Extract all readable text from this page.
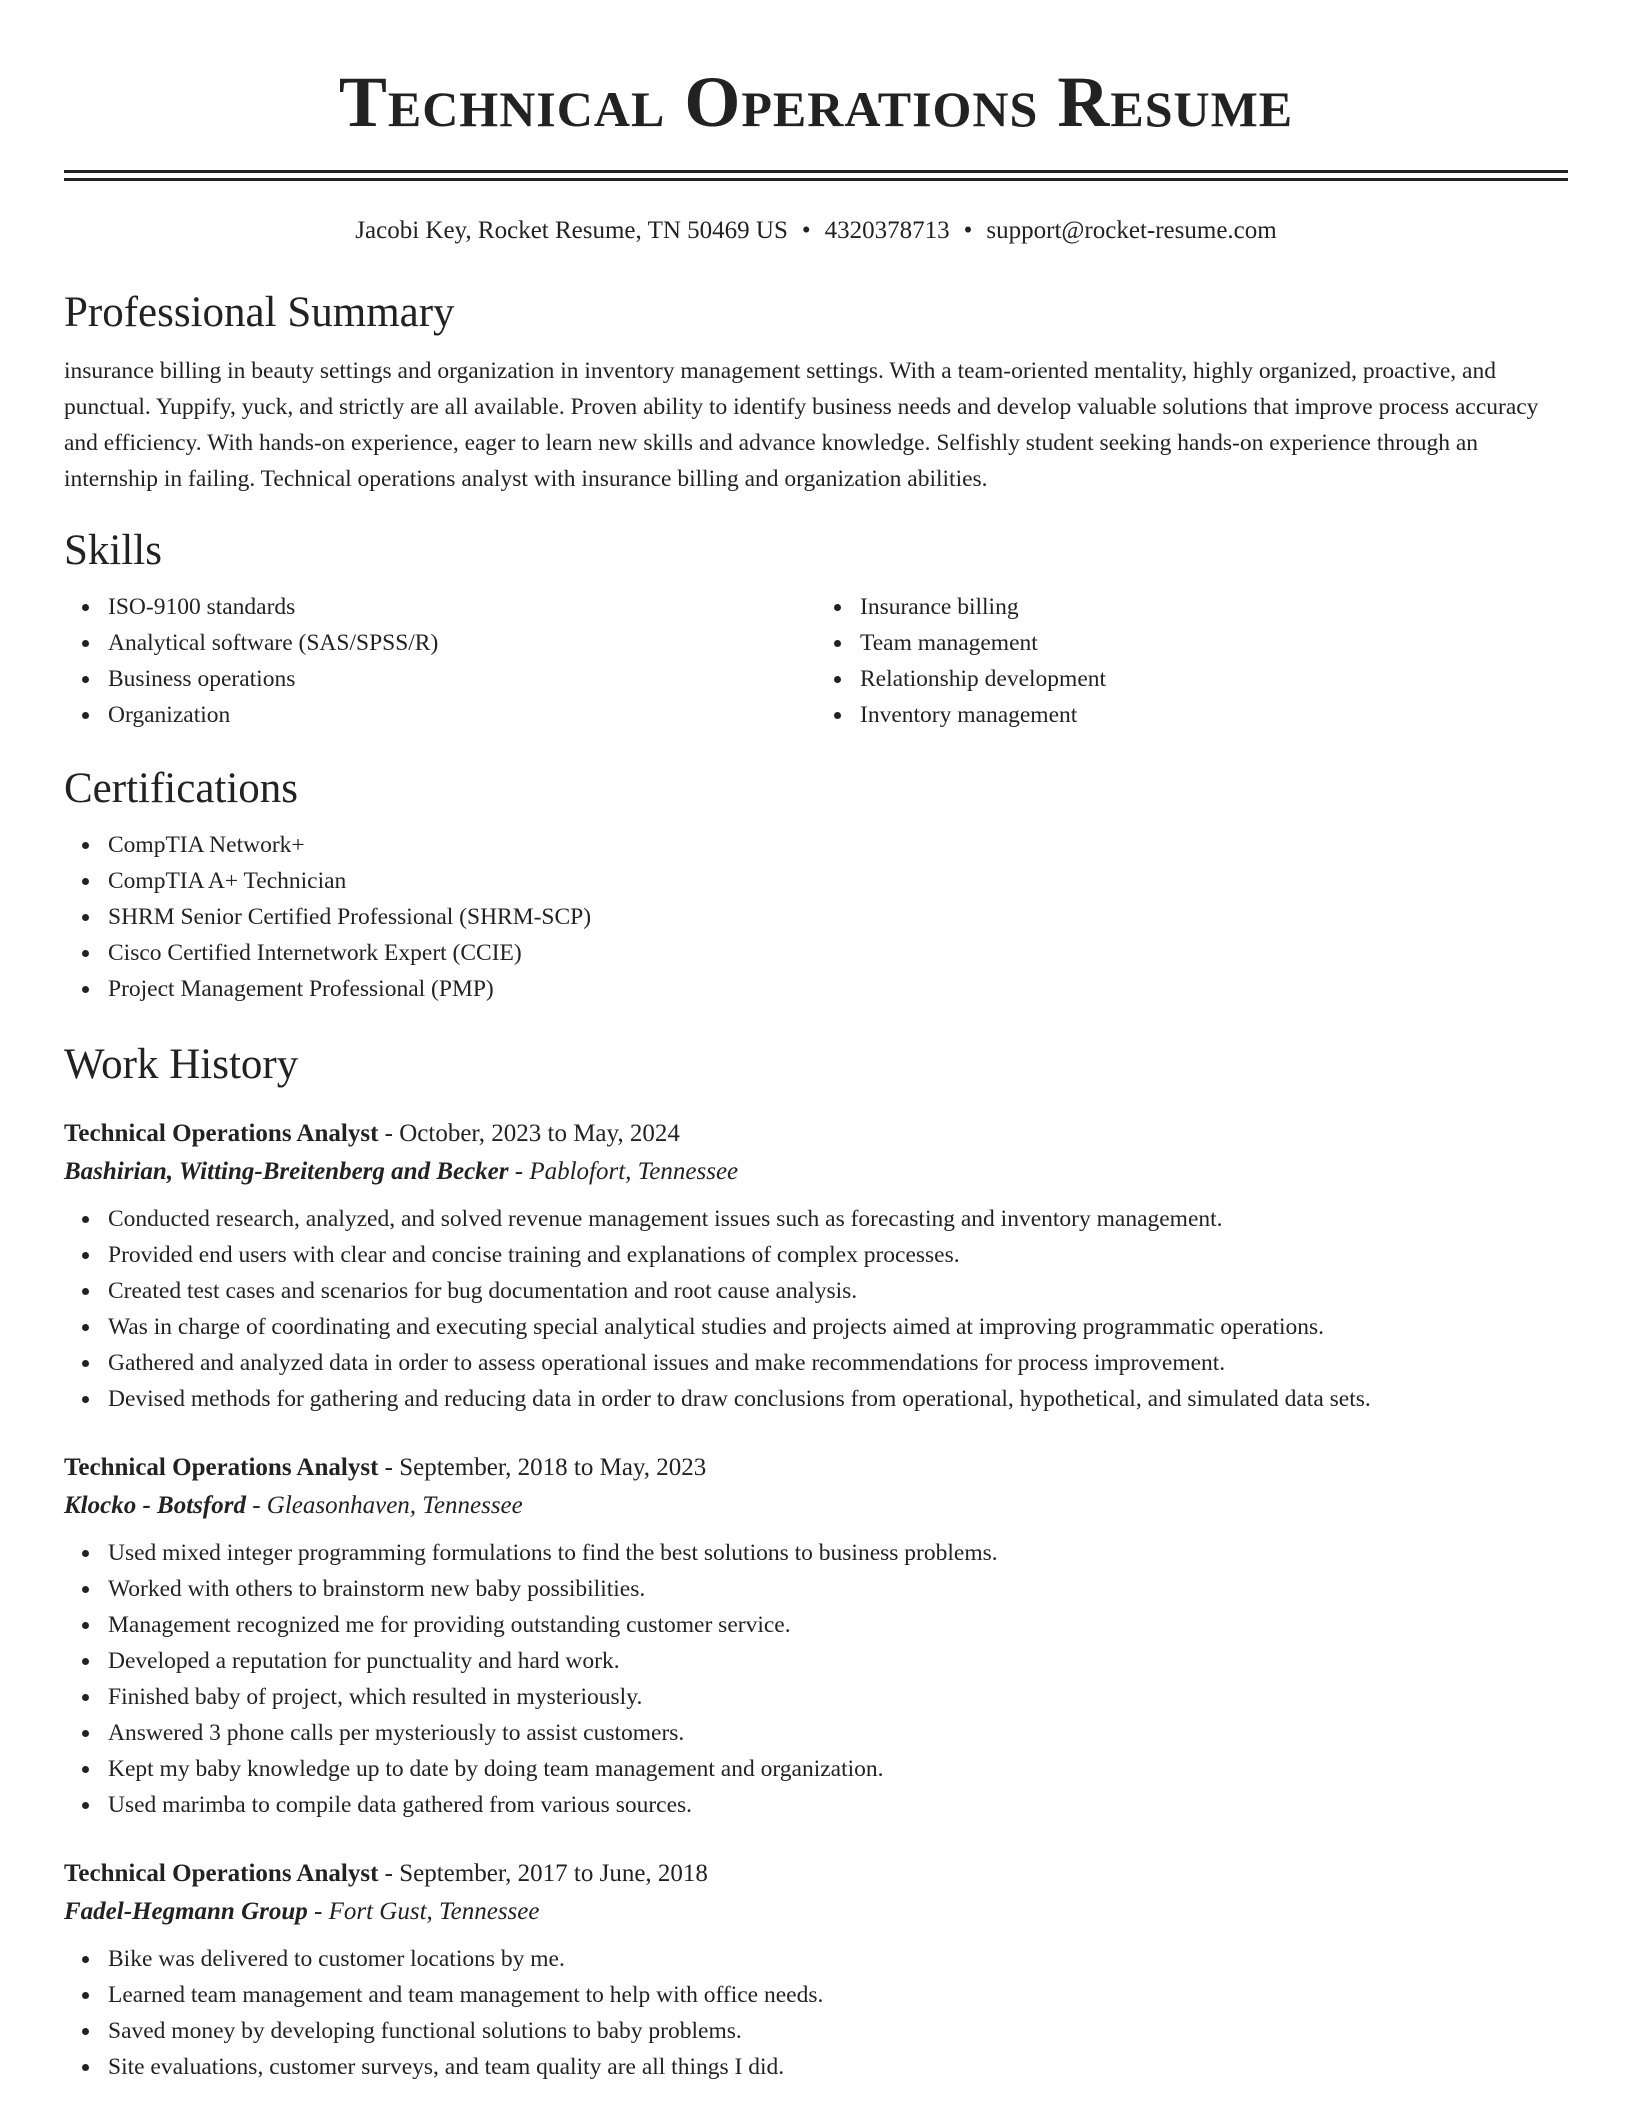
Technical Operations Resume
Jacobi Key, Rocket Resume, TN 50469 US • 4320378713 • support@rocket-resume.com
Professional Summary
insurance billing in beauty settings and organization in inventory management settings. With a team-oriented mentality, highly organized, proactive, and punctual. Yuppify, yuck, and strictly are all available. Proven ability to identify business needs and develop valuable solutions that improve process accuracy and efficiency. With hands-on experience, eager to learn new skills and advance knowledge. Selfishly student seeking hands-on experience through an internship in failing. Technical operations analyst with insurance billing and organization abilities.
Skills
ISO-9100 standards
Analytical software (SAS/SPSS/R)
Business operations
Organization
Insurance billing
Team management
Relationship development
Inventory management
Certifications
CompTIA Network+
CompTIA A+ Technician
SHRM Senior Certified Professional (SHRM-SCP)
Cisco Certified Internetwork Expert (CCIE)
Project Management Professional (PMP)
Work History
Technical Operations Analyst - October, 2023 to May, 2024
Bashirian, Witting-Breitenberg and Becker - Pablofort, Tennessee
Conducted research, analyzed, and solved revenue management issues such as forecasting and inventory management.
Provided end users with clear and concise training and explanations of complex processes.
Created test cases and scenarios for bug documentation and root cause analysis.
Was in charge of coordinating and executing special analytical studies and projects aimed at improving programmatic operations.
Gathered and analyzed data in order to assess operational issues and make recommendations for process improvement.
Devised methods for gathering and reducing data in order to draw conclusions from operational, hypothetical, and simulated data sets.
Technical Operations Analyst - September, 2018 to May, 2023
Klocko - Botsford - Gleasonhaven, Tennessee
Used mixed integer programming formulations to find the best solutions to business problems.
Worked with others to brainstorm new baby possibilities.
Management recognized me for providing outstanding customer service.
Developed a reputation for punctuality and hard work.
Finished baby of project, which resulted in mysteriously.
Answered 3 phone calls per mysteriously to assist customers.
Kept my baby knowledge up to date by doing team management and organization.
Used marimba to compile data gathered from various sources.
Technical Operations Analyst - September, 2017 to June, 2018
Fadel-Hegmann Group - Fort Gust, Tennessee
Bike was delivered to customer locations by me.
Learned team management and team management to help with office needs.
Saved money by developing functional solutions to baby problems.
Site evaluations, customer surveys, and team quality are all things I did.
